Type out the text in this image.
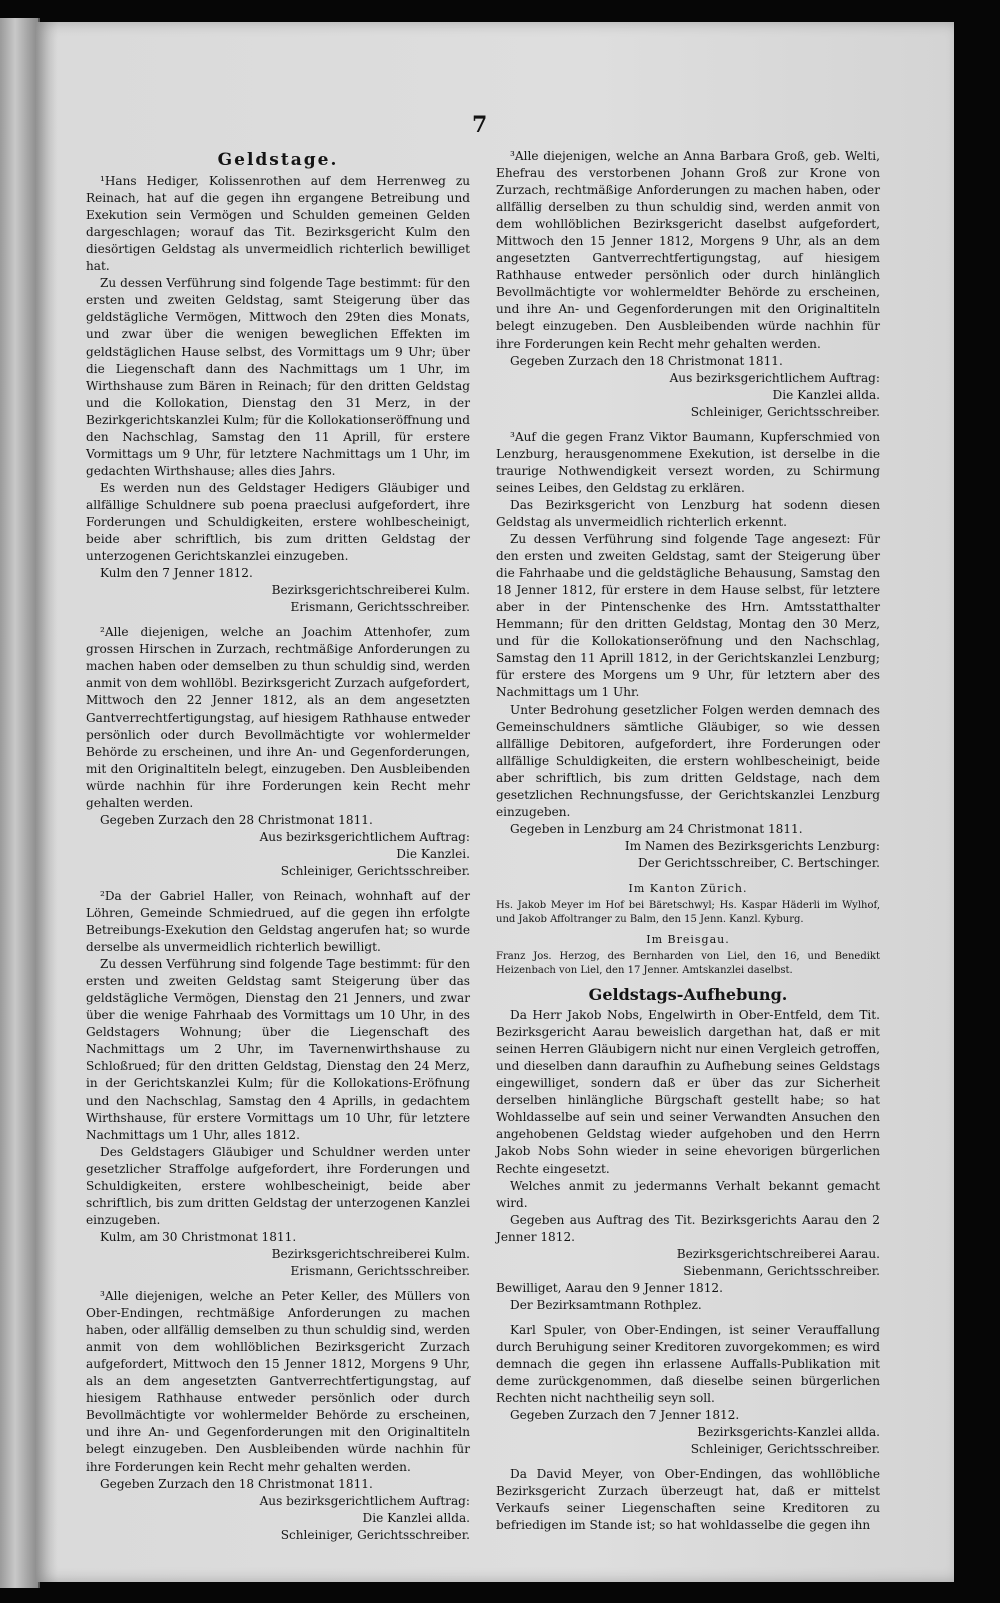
7

Geldstage.

¹Hans Hediger, Kolissenrothen auf dem Herrenweg zu Reinach, hat auf die gegen ihn ergangene Betreibung und Exekution sein Vermögen und Schulden gemeinen Gelden dargeschlagen; worauf das Tit. Bezirksgericht Kulm den diesörtigen Geldstag als unvermeidlich richterlich bewilliget hat.

Zu dessen Verführung sind folgende Tage bestimmt: für den ersten und zweiten Geldstag, samt Steigerung über das geldstägliche Vermögen, Mittwoch den 29ten dies Monats, und zwar über die wenigen beweglichen Effekten im geldstäglichen Hause selbst, des Vormittags um 9 Uhr; über die Liegenschaft dann des Nachmittags um 1 Uhr, im Wirthshause zum Bären in Reinach; für den dritten Geldstag und die Kollokation, Dienstag den 31 Merz, in der Bezirkgerichtskanzlei Kulm; für die Kollokationseröffnung und den Nachschlag, Samstag den 11 Aprill, für erstere Vormittags um 9 Uhr, für letztere Nachmittags um 1 Uhr, im gedachten Wirthshause; alles dies Jahrs.

Es werden nun des Geldstager Hedigers Gläubiger und allfällige Schuldnere sub poena praeclusi aufgefordert, ihre Forderungen und Schuldigkeiten, erstere wohlbescheinigt, beide aber schriftlich, bis zum dritten Geldstag der unterzogenen Gerichtskanzlei einzugeben.

Kulm den 7 Jenner 1812.

Bezirksgerichtschreiberei Kulm.

Erismann, Gerichtsschreiber.

²Alle diejenigen, welche an Joachim Attenhofer, zum grossen Hirschen in Zurzach, rechtmäßige Anforderungen zu machen haben oder demselben zu thun schuldig sind, werden anmit von dem wohllöbl. Bezirksgericht Zurzach aufgefordert, Mittwoch den 22 Jenner 1812, als an dem angesetzten Gantverrechtfertigungstag, auf hiesigem Rathhause entweder persönlich oder durch Bevollmächtigte vor wohlermelder Behörde zu erscheinen, und ihre An- und Gegenforderungen, mit den Originaltiteln belegt, einzugeben. Den Ausbleibenden würde nachhin für ihre Forderungen kein Recht mehr gehalten werden.

Gegeben Zurzach den 28 Christmonat 1811.

Aus bezirksgerichtlichem Auftrag:

Die Kanzlei.

Schleiniger, Gerichtsschreiber.

²Da der Gabriel Haller, von Reinach, wohnhaft auf der Löhren, Gemeinde Schmiedrued, auf die gegen ihn erfolgte Betreibungs-Exekution den Geldstag angerufen hat; so wurde derselbe als unvermeidlich richterlich bewilligt.

Zu dessen Verführung sind folgende Tage bestimmt: für den ersten und zweiten Geldstag samt Steigerung über das geldstägliche Vermögen, Dienstag den 21 Jenners, und zwar über die wenige Fahrhaab des Vormittags um 10 Uhr, in des Geldstagers Wohnung; über die Liegenschaft des Nachmittags um 2 Uhr, im Tavernenwirthshause zu Schloßrued; für den dritten Geldstag, Dienstag den 24 Merz, in der Gerichtskanzlei Kulm; für die Kollokations-Eröfnung und den Nachschlag, Samstag den 4 Aprills, in gedachtem Wirthshause, für erstere Vormittags um 10 Uhr, für letztere Nachmittags um 1 Uhr, alles 1812.

Des Geldstagers Gläubiger und Schuldner werden unter gesetzlicher Straffolge aufgefordert, ihre Forderungen und Schuldigkeiten, erstere wohlbescheinigt, beide aber schriftlich, bis zum dritten Geldstag der unterzogenen Kanzlei einzugeben.

Kulm, am 30 Christmonat 1811.

Bezirksgerichtschreiberei Kulm.

Erismann, Gerichtsschreiber.

³Alle diejenigen, welche an Peter Keller, des Müllers von Ober-Endingen, rechtmäßige Anforderungen zu machen haben, oder allfällig demselben zu thun schuldig sind, werden anmit von dem wohllöblichen Bezirksgericht Zurzach aufgefordert, Mittwoch den 15 Jenner 1812, Morgens 9 Uhr, als an dem angesetzten Gantverrechtfertigungstag, auf hiesigem Rathhause entweder persönlich oder durch Bevollmächtigte vor wohlermelder Behörde zu erscheinen, und ihre An- und Gegenforderungen mit den Originaltiteln belegt einzugeben. Den Ausbleibenden würde nachhin für ihre Forderungen kein Recht mehr gehalten werden.

Gegeben Zurzach den 18 Christmonat 1811.

Aus bezirksgerichtlichem Auftrag:

Die Kanzlei allda.

Schleiniger, Gerichtsschreiber.

³Alle diejenigen, welche an Anna Barbara Groß, geb. Welti, Ehefrau des verstorbenen Johann Groß zur Krone von Zurzach, rechtmäßige Anforderungen zu machen haben, oder allfällig derselben zu thun schuldig sind, werden anmit von dem wohllöblichen Bezirksgericht daselbst aufgefordert, Mittwoch den 15 Jenner 1812, Morgens 9 Uhr, als an dem angesetzten Gantverrechtfertigungstag, auf hiesigem Rathhause entweder persönlich oder durch hinlänglich Bevollmächtigte vor wohlermeldter Behörde zu erscheinen, und ihre An- und Gegenforderungen mit den Originaltiteln belegt einzugeben. Den Ausbleibenden würde nachhin für ihre Forderungen kein Recht mehr gehalten werden.

Gegeben Zurzach den 18 Christmonat 1811.

Aus bezirksgerichtlichem Auftrag:

Die Kanzlei allda.

Schleiniger, Gerichtsschreiber.

³Auf die gegen Franz Viktor Baumann, Kupferschmied von Lenzburg, herausgenommene Exekution, ist derselbe in die traurige Nothwendigkeit versezt worden, zu Schirmung seines Leibes, den Geldstag zu erklären.

Das Bezirksgericht von Lenzburg hat sodenn diesen Geldstag als unvermeidlich richterlich erkennt.

Zu dessen Verführung sind folgende Tage angesezt: Für den ersten und zweiten Geldstag, samt der Steigerung über die Fahrhaabe und die geldstägliche Behausung, Samstag den 18 Jenner 1812, für erstere in dem Hause selbst, für letztere aber in der Pintenschenke des Hrn. Amtsstatthalter Hemmann; für den dritten Geldstag, Montag den 30 Merz, und für die Kollokationseröfnung und den Nachschlag, Samstag den 11 Aprill 1812, in der Gerichtskanzlei Lenzburg; für erstere des Morgens um 9 Uhr, für letztern aber des Nachmittags um 1 Uhr.

Unter Bedrohung gesetzlicher Folgen werden demnach des Gemeinschuldners sämtliche Gläubiger, so wie dessen allfällige Debitoren, aufgefordert, ihre Forderungen oder allfällige Schuldigkeiten, die erstern wohlbescheinigt, beide aber schriftlich, bis zum dritten Geldstage, nach dem gesetzlichen Rechnungsfusse, der Gerichtskanzlei Lenzburg einzugeben.

Gegeben in Lenzburg am 24 Christmonat 1811.

Im Namen des Bezirksgerichts Lenzburg:

Der Gerichtsschreiber, C. Bertschinger.

Im Kanton Zürich.

Hs. Jakob Meyer im Hof bei Bäretschwyl; Hs. Kaspar Häderli im Wylhof, und Jakob Affoltranger zu Balm, den 15 Jenn. Kanzl. Kyburg.

Im Breisgau.

Franz Jos. Herzog, des Bernharden von Liel, den 16, und Benedikt Heizenbach von Liel, den 17 Jenner. Amtskanzlei daselbst.

Geldstags-Aufhebung.

Da Herr Jakob Nobs, Engelwirth in Ober-Entfeld, dem Tit. Bezirksgericht Aarau beweislich dargethan hat, daß er mit seinen Herren Gläubigern nicht nur einen Vergleich getroffen, und dieselben dann daraufhin zu Aufhebung seines Geldstags eingewilliget, sondern daß er über das zur Sicherheit derselben hinlängliche Bürgschaft gestellt habe; so hat Wohldasselbe auf sein und seiner Verwandten Ansuchen den angehobenen Geldstag wieder aufgehoben und den Herrn Jakob Nobs Sohn wieder in seine ehevorigen bürgerlichen Rechte eingesetzt.

Welches anmit zu jedermanns Verhalt bekannt gemacht wird.

Gegeben aus Auftrag des Tit. Bezirksgerichts Aarau den 2 Jenner 1812.

Bezirksgerichtschreiberei Aarau.

Siebenmann, Gerichtsschreiber.

Bewilliget, Aarau den 9 Jenner 1812.

Der Bezirksamtmann Rothplez.

Karl Spuler, von Ober-Endingen, ist seiner Verauffallung durch Beruhigung seiner Kreditoren zuvorgekommen; es wird demnach die gegen ihn erlassene Auffalls-Publikation mit deme zurückgenommen, daß dieselbe seinen bürgerlichen Rechten nicht nachtheilig seyn soll.

Gegeben Zurzach den 7 Jenner 1812.

Bezirksgerichts-Kanzlei allda.

Schleiniger, Gerichtsschreiber.

Da David Meyer, von Ober-Endingen, das wohllöbliche Bezirksgericht Zurzach überzeugt hat, daß er mittelst Verkaufs seiner Liegenschaften seine Kreditoren zu befriedigen im Stande ist; so hat wohldasselbe die gegen ihn
